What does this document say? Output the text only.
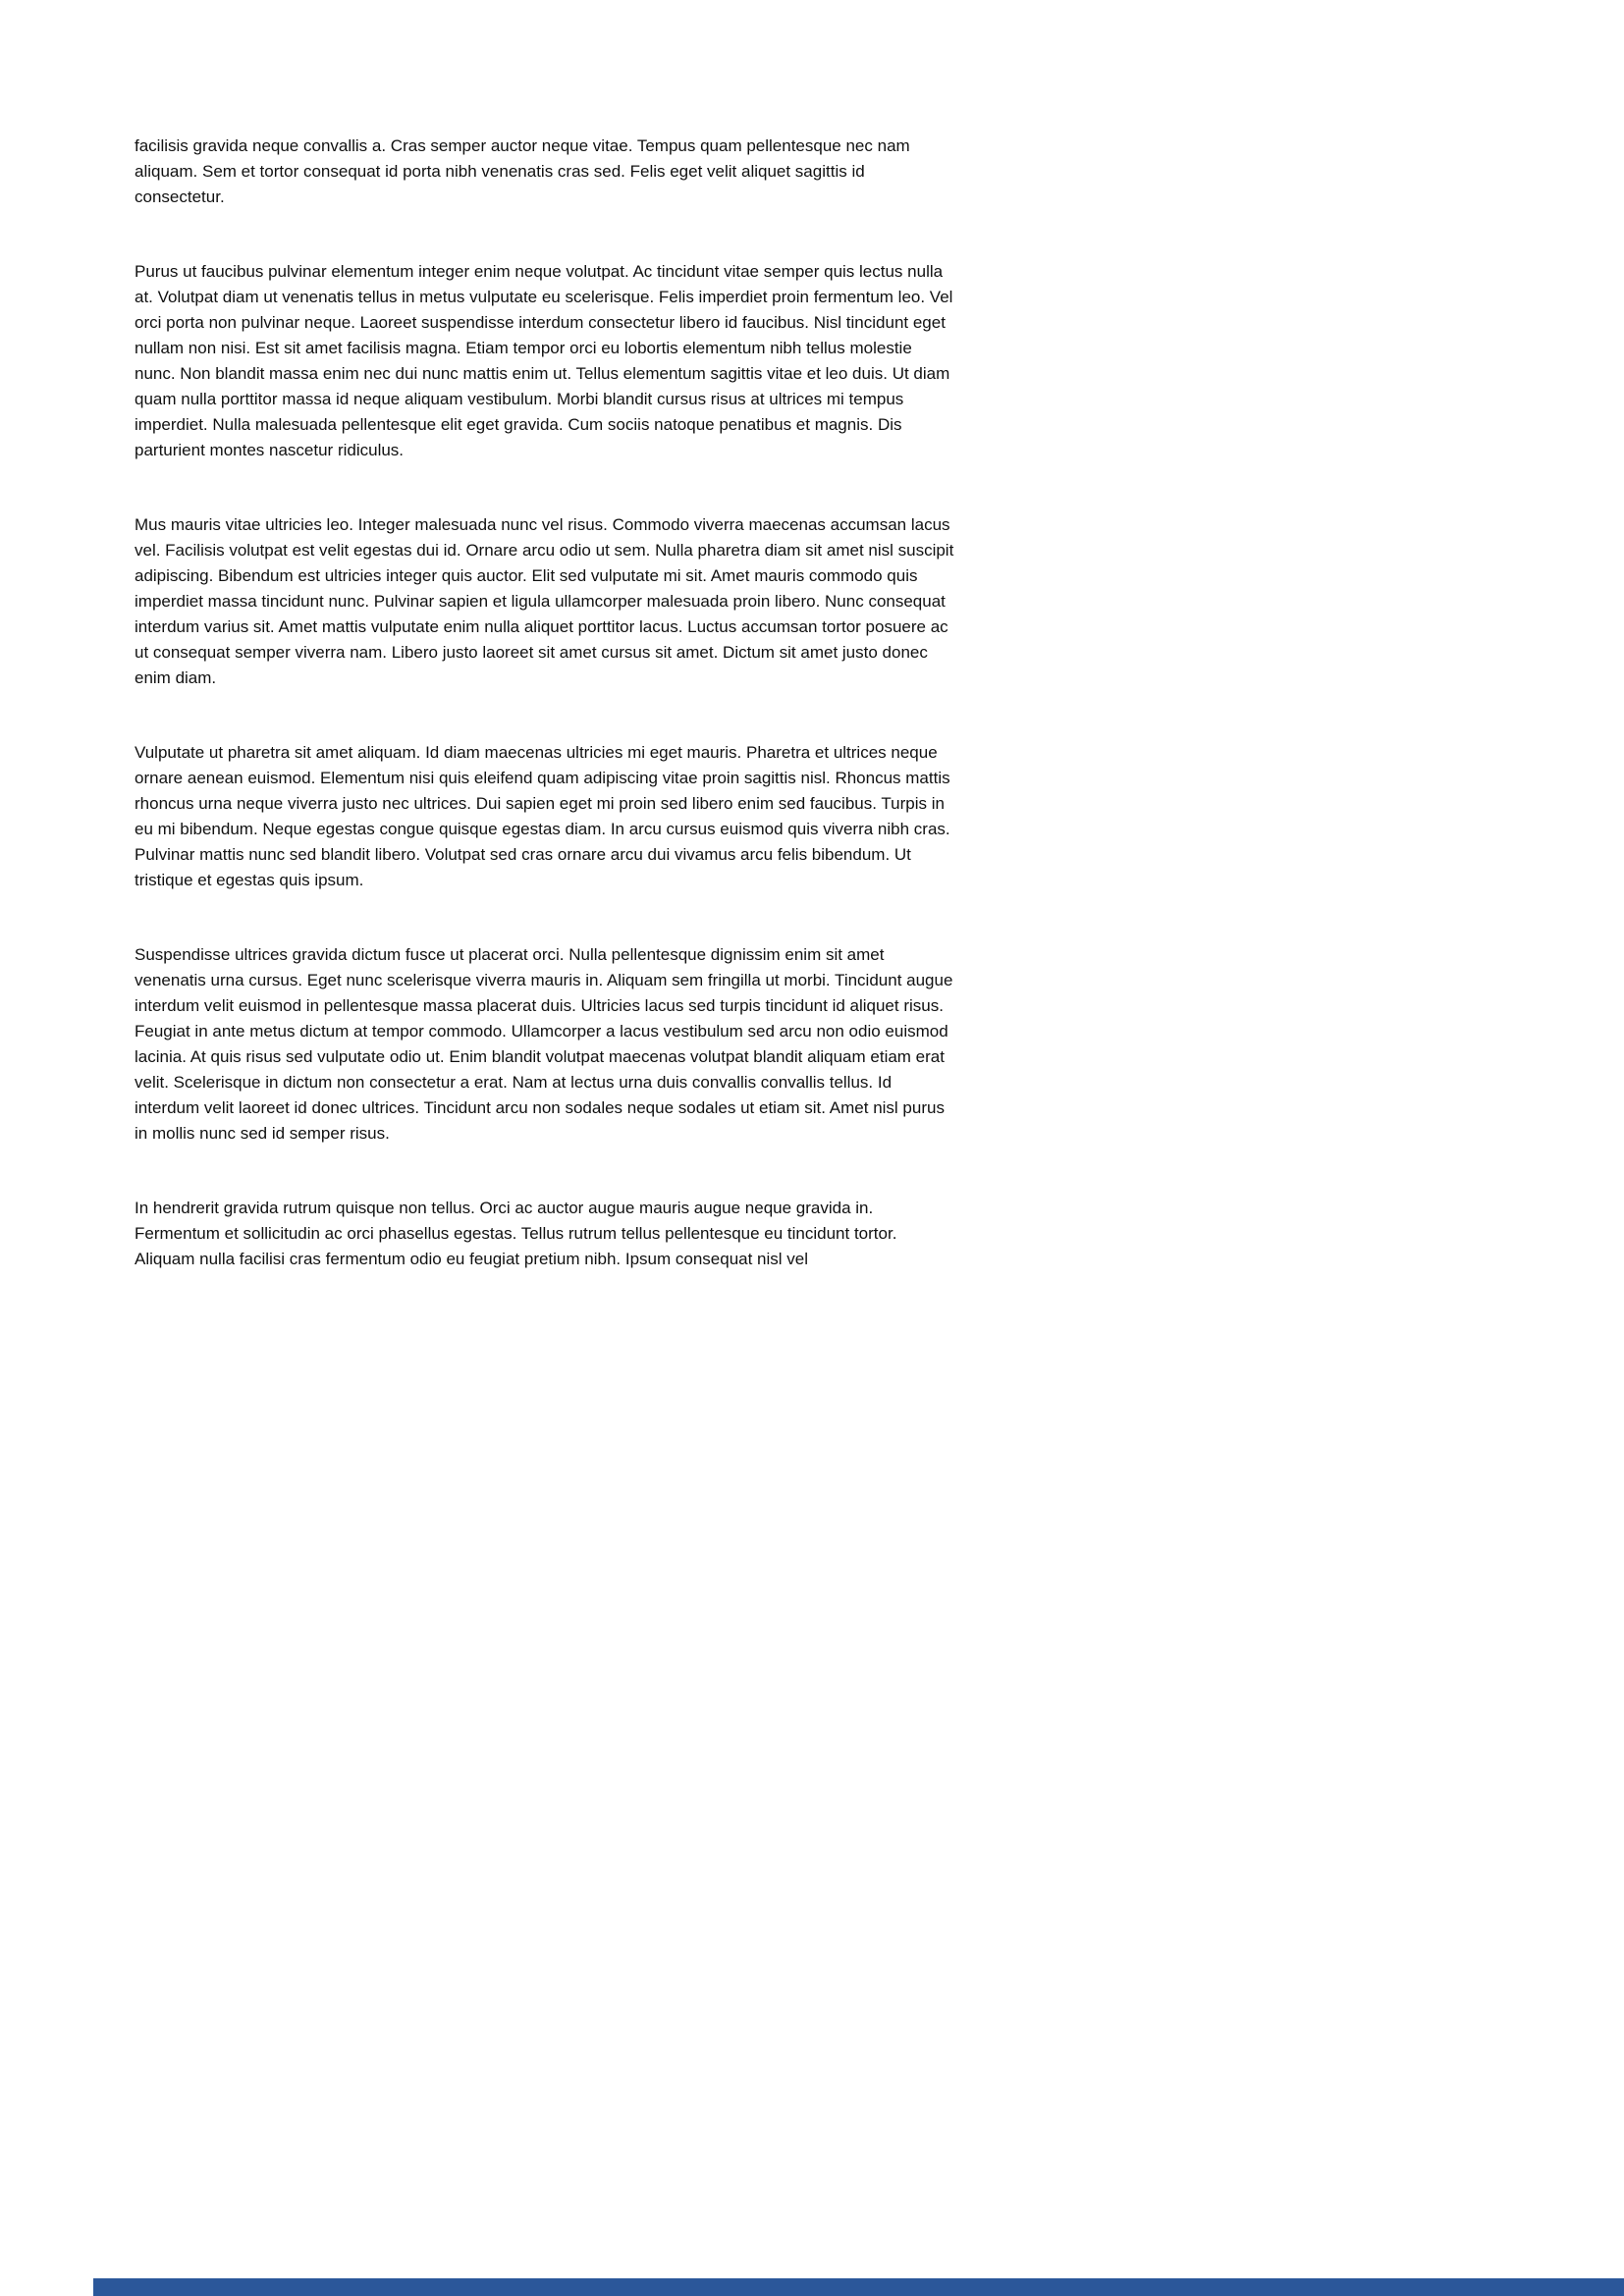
facilisis gravida neque convallis a. Cras semper auctor neque vitae. Tempus quam pellentesque nec nam aliquam. Sem et tortor consequat id porta nibh venenatis cras sed. Felis eget velit aliquet sagittis id consectetur.

Purus ut faucibus pulvinar elementum integer enim neque volutpat. Ac tincidunt vitae semper quis lectus nulla at. Volutpat diam ut venenatis tellus in metus vulputate eu scelerisque. Felis imperdiet proin fermentum leo. Vel orci porta non pulvinar neque. Laoreet suspendisse interdum consectetur libero id faucibus. Nisl tincidunt eget nullam non nisi. Est sit amet facilisis magna. Etiam tempor orci eu lobortis elementum nibh tellus molestie nunc. Non blandit massa enim nec dui nunc mattis enim ut. Tellus elementum sagittis vitae et leo duis. Ut diam quam nulla porttitor massa id neque aliquam vestibulum. Morbi blandit cursus risus at ultrices mi tempus imperdiet. Nulla malesuada pellentesque elit eget gravida. Cum sociis natoque penatibus et magnis. Dis parturient montes nascetur ridiculus.

Mus mauris vitae ultricies leo. Integer malesuada nunc vel risus. Commodo viverra maecenas accumsan lacus vel. Facilisis volutpat est velit egestas dui id. Ornare arcu odio ut sem. Nulla pharetra diam sit amet nisl suscipit adipiscing. Bibendum est ultricies integer quis auctor. Elit sed vulputate mi sit. Amet mauris commodo quis imperdiet massa tincidunt nunc. Pulvinar sapien et ligula ullamcorper malesuada proin libero. Nunc consequat interdum varius sit. Amet mattis vulputate enim nulla aliquet porttitor lacus. Luctus accumsan tortor posuere ac ut consequat semper viverra nam. Libero justo laoreet sit amet cursus sit amet. Dictum sit amet justo donec enim diam.

Vulputate ut pharetra sit amet aliquam. Id diam maecenas ultricies mi eget mauris. Pharetra et ultrices neque ornare aenean euismod. Elementum nisi quis eleifend quam adipiscing vitae proin sagittis nisl. Rhoncus mattis rhoncus urna neque viverra justo nec ultrices. Dui sapien eget mi proin sed libero enim sed faucibus. Turpis in eu mi bibendum. Neque egestas congue quisque egestas diam. In arcu cursus euismod quis viverra nibh cras. Pulvinar mattis nunc sed blandit libero. Volutpat sed cras ornare arcu dui vivamus arcu felis bibendum. Ut tristique et egestas quis ipsum.

Suspendisse ultrices gravida dictum fusce ut placerat orci. Nulla pellentesque dignissim enim sit amet venenatis urna cursus. Eget nunc scelerisque viverra mauris in. Aliquam sem fringilla ut morbi. Tincidunt augue interdum velit euismod in pellentesque massa placerat duis. Ultricies lacus sed turpis tincidunt id aliquet risus. Feugiat in ante metus dictum at tempor commodo. Ullamcorper a lacus vestibulum sed arcu non odio euismod lacinia. At quis risus sed vulputate odio ut. Enim blandit volutpat maecenas volutpat blandit aliquam etiam erat velit. Scelerisque in dictum non consectetur a erat. Nam at lectus urna duis convallis convallis tellus. Id interdum velit laoreet id donec ultrices. Tincidunt arcu non sodales neque sodales ut etiam sit. Amet nisl purus in mollis nunc sed id semper risus.

In hendrerit gravida rutrum quisque non tellus. Orci ac auctor augue mauris augue neque gravida in. Fermentum et sollicitudin ac orci phasellus egestas. Tellus rutrum tellus pellentesque eu tincidunt tortor. Aliquam nulla facilisi cras fermentum odio eu feugiat pretium nibh. Ipsum consequat nisl vel
